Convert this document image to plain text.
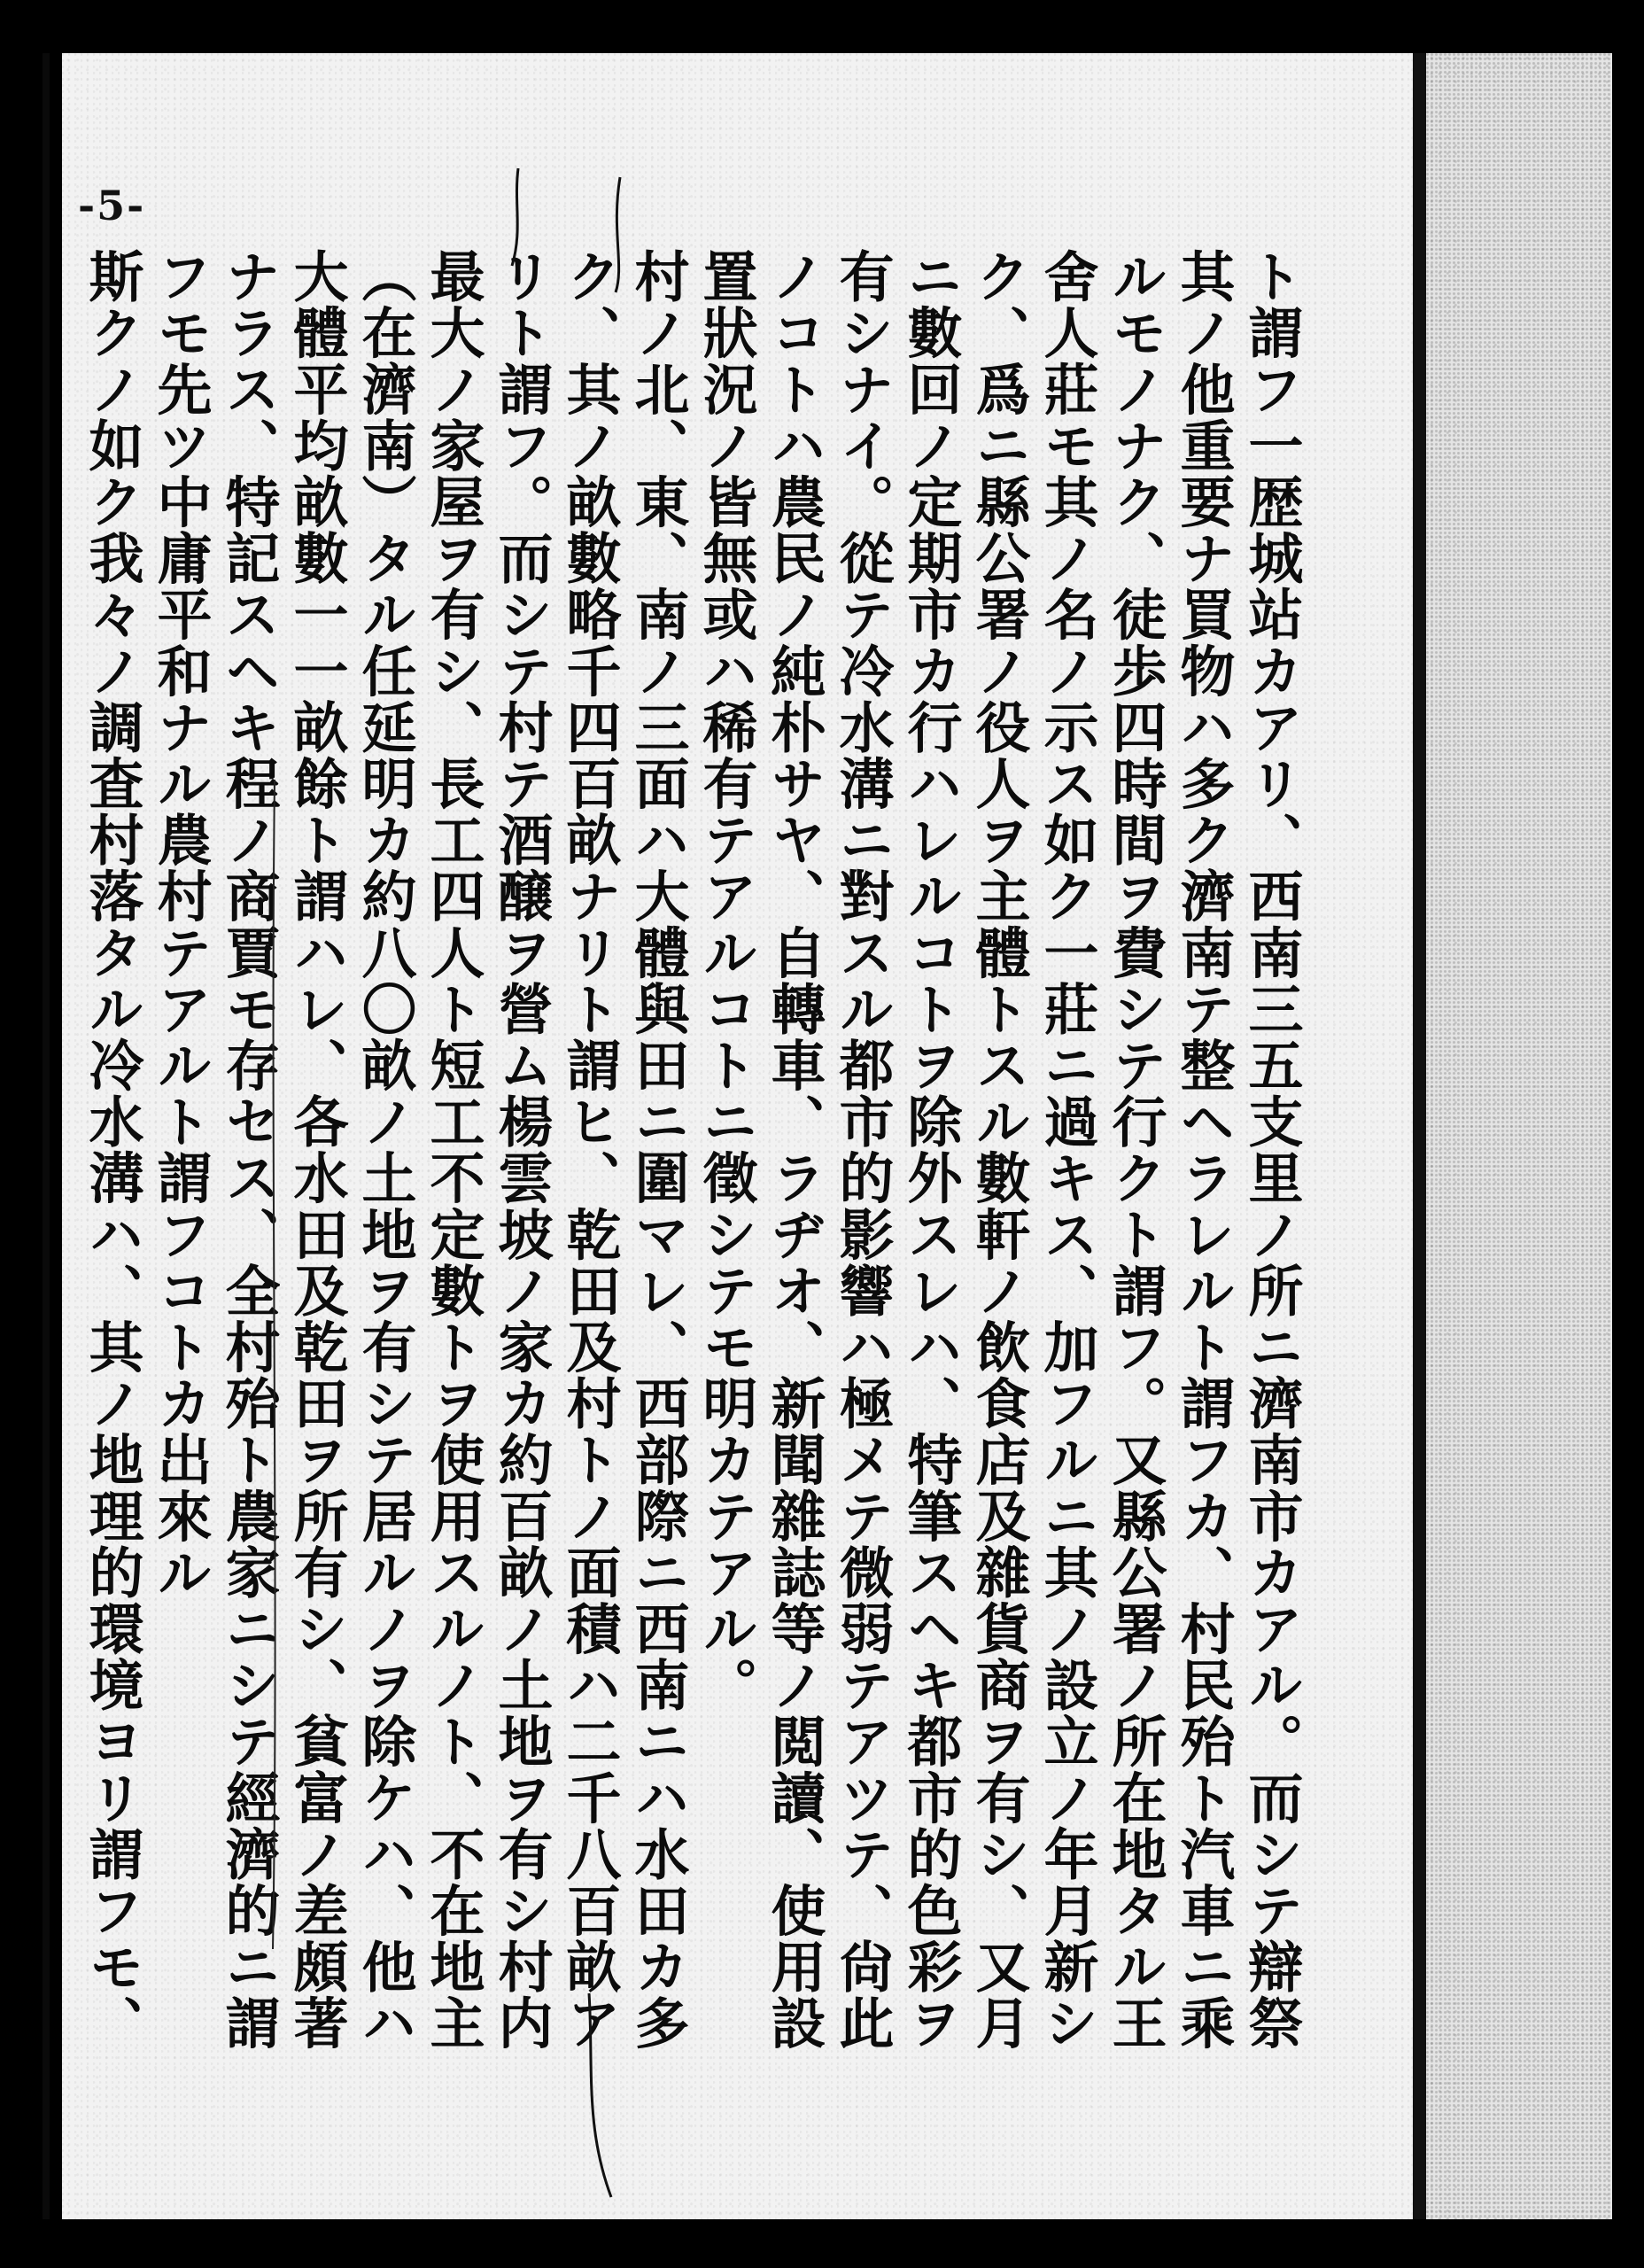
-5-
ト謂フ一歴城站カアリ、西南三五支里ノ所ニ濟南市カアル。而シテ辯祭
其ノ他重要ナ買物ハ多ク濟南テ整ヘラレルト謂フカ、村民殆ト汽車ニ乘
ルモノナク、徒歩四時間ヲ費シテ行クト謂フ。又縣公署ノ所在地タル王
舍人莊モ其ノ名ノ示ス如ク一莊ニ過キス、加フルニ其ノ設立ノ年月新シ
ク、爲ニ縣公署ノ役人ヲ主體トスル數軒ノ飲食店及雜貨商ヲ有シ、又月
ニ數回ノ定期市カ行ハレルコトヲ除外スレハ、特筆スヘキ都市的色彩ヲ
有シナイ。從テ冷水溝ニ對スル都市的影響ハ極メテ微弱テアツテ、尙此
ノコトハ農民ノ純朴サヤ、自轉車、ラヂオ、新聞雜誌等ノ閲讀、使用設
置狀況ノ皆無或ハ稀有テアルコトニ徵シテモ明カテアル。
村ノ北、東、南ノ三面ハ大體與田ニ圍マレ、西部際ニ西南ニハ水田カ多
ク、其ノ畝數略千四百畝ナリト謂ヒ、乾田及村トノ面積ハ二千八百畝ア
リト謂フ。而シテ村テ酒醸ヲ營ム楊雲坡ノ家カ約百畝ノ土地ヲ有シ村内
最大ノ家屋ヲ有シ、長工四人ト短工不定數トヲ使用スルノト、不在地主
（在濟南）タル任延明カ約八〇畝ノ土地ヲ有シテ居ルノヲ除ケハ、他ハ
大體平均畝數一一畝餘ト謂ハレ、各水田及乾田ヲ所有シ、貧富ノ差頗著
ナラス、特記スヘキ程ノ商賈モ存セス、全村殆ト農家ニシテ經濟的ニ謂
フモ先ツ中庸平和ナル農村テアルト謂フコトカ出來ル
斯クノ如ク我々ノ調査村落タル冷水溝ハ、其ノ地理的環境ヨリ謂フモ、
